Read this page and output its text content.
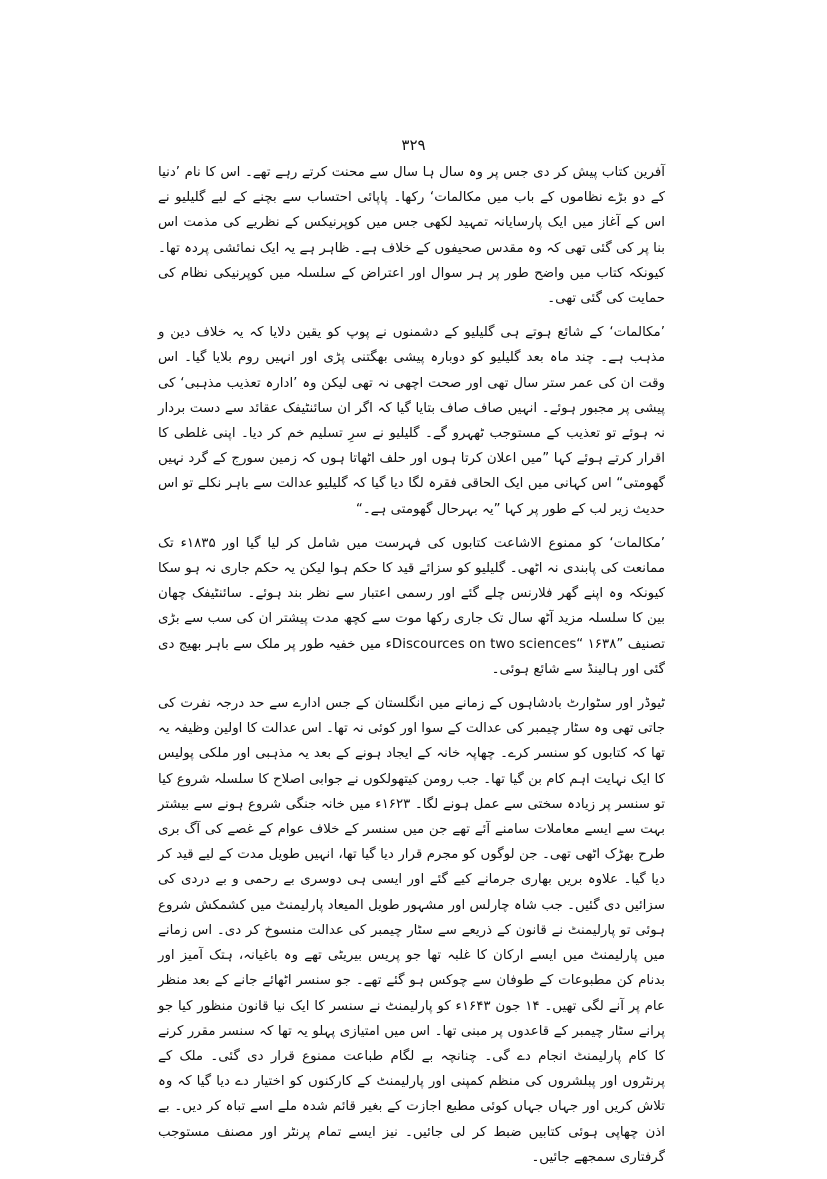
۳۲۹

آفرین کتاب پیش کر دی جس پر وہ سال ہا سال سے محنت کرتے رہے تھے۔ اس کا نام ’دنیا کے دو بڑے نظاموں کے باب میں مکالمات‘ رکھا۔ پاپائی احتساب سے بچنے کے لیے گلیلیو نے اس کے آغاز میں ایک پارسایانہ تمہید لکھی جس میں کوپرنیکس کے نظریے کی مذمت اس بنا پر کی گئی تھی کہ وہ مقدس صحیفوں کے خلاف ہے۔ ظاہر ہے یہ ایک نمائشی پردہ تھا۔ کیونکہ کتاب میں واضح طور پر ہر سوال اور اعتراض کے سلسلہ میں کوپرنیکی نظام کی حمایت کی گئی تھی۔

’مکالمات‘ کے شائع ہوتے ہی گلیلیو کے دشمنوں نے پوپ کو یقین دلایا کہ یہ خلاف دین و مذہب ہے۔ چند ماہ بعد گلیلیو کو دوبارہ پیشی بھگتنی پڑی اور انہیں روم بلایا گیا۔ اس وقت ان کی عمر ستر سال تھی اور صحت اچھی نہ تھی لیکن وہ ’ادارہ تعذیب مذہبی‘ کی پیشی پر مجبور ہوئے۔ انہیں صاف صاف بتایا گیا کہ اگر ان سائنٹیفک عقائد سے دست بردار نہ ہوئے تو تعذیب کے مستوجب ٹھہرو گے۔ گلیلیو نے سرِ تسلیم خم کر دیا۔ اپنی غلطی کا اقرار کرتے ہوئے کہا ”میں اعلان کرتا ہوں اور حلف اٹھاتا ہوں کہ زمین سورج کے گرد نہیں گھومتی“ اس کہانی میں ایک الحاقی فقرہ لگا دیا گیا کہ گلیلیو عدالت سے باہر نکلے تو اس حدیث زیر لب کے طور پر کہا ”یہ بہرحال گھومتی ہے۔“

’مکالمات‘ کو ممنوع الاشاعت کتابوں کی فہرست میں شامل کر لیا گیا اور ۱۸۳۵ء تک ممانعت کی پابندی نہ اٹھی۔ گلیلیو کو سزائے قید کا حکم ہوا لیکن یہ حکم جاری نہ ہو سکا کیونکہ وہ اپنے گھر فلارنس چلے گئے اور رسمی اعتبار سے نظر بند ہوئے۔ سائنٹیفک چھان بین کا سلسلہ مزید آٹھ سال تک جاری رکھا موت سے کچھ مدت پیشتر ان کی سب سے بڑی تصنیف ”Discources on two sciences“ ۱۶۳۸ء میں خفیہ طور پر ملک سے باہر بھیج دی گئی اور ہالینڈ سے شائع ہوئی۔

ٹیوڈر اور سٹوارٹ بادشاہوں کے زمانے میں انگلستان کے جس ادارے سے حد درجہ نفرت کی جاتی تھی وہ سٹار چیمبر کی عدالت کے سوا اور کوئی نہ تھا۔ اس عدالت کا اولین وظیفہ یہ تھا کہ کتابوں کو سنسر کرے۔ چھاپہ خانہ کے ایجاد ہونے کے بعد یہ مذہبی اور ملکی پولیس کا ایک نہایت اہم کام بن گیا تھا۔ جب رومن کیتھولکوں نے جوابی اصلاح کا سلسلہ شروع کیا تو سنسر پر زیادہ سختی سے عمل ہونے لگا۔ ۱۶۲۳ء میں خانہ جنگی شروع ہونے سے بیشتر بہت سے ایسے معاملات سامنے آئے تھے جن میں سنسر کے خلاف عوام کے غصے کی آگ بری طرح بھڑک اٹھی تھی۔ جن لوگوں کو مجرم قرار دیا گیا تھا، انہیں طویل مدت کے لیے قید کر دیا گیا۔ علاوہ بریں بھاری جرمانے کیے گئے اور ایسی ہی دوسری بے رحمی و بے دردی کی سزائیں دی گئیں۔ جب شاہ چارلس اور مشہور طویل المیعاد پارلیمنٹ میں کشمکش شروع ہوئی تو پارلیمنٹ نے قانون کے ذریعے سے سٹار چیمبر کی عدالت منسوخ کر دی۔ اس زمانے میں پارلیمنٹ میں ایسے ارکان کا غلبہ تھا جو پریس بیریٹی تھے وہ باغیانہ، ہتک آمیز اور بدنام کن مطبوعات کے طوفان سے چوکس ہو گئے تھے۔ جو سنسر اٹھائے جانے کے بعد منظر عام پر آنے لگی تھیں۔ ۱۴ جون ۱۶۴۳ء کو پارلیمنٹ نے سنسر کا ایک نیا قانون منظور کیا جو پرانے سٹار چیمبر کے قاعدوں پر مبنی تھا۔ اس میں امتیازی پہلو یہ تھا کہ سنسر مقرر کرنے کا کام پارلیمنٹ انجام دے گی۔ چنانچہ بے لگام طباعت ممنوع قرار دی گئی۔ ملک کے پرنٹروں اور پبلشروں کی منظم کمپنی اور پارلیمنٹ کے کارکنوں کو اختیار دے دیا گیا کہ وہ تلاش کریں اور جہاں جہاں کوئی مطبع اجازت کے بغیر قائم شدہ ملے اسے تباہ کر دیں۔ بے اذن چھاپی ہوئی کتابیں ضبط کر لی جائیں۔ نیز ایسے تمام پرنٹر اور مصنف مستوجب گرفتاری سمجھے جائیں۔
